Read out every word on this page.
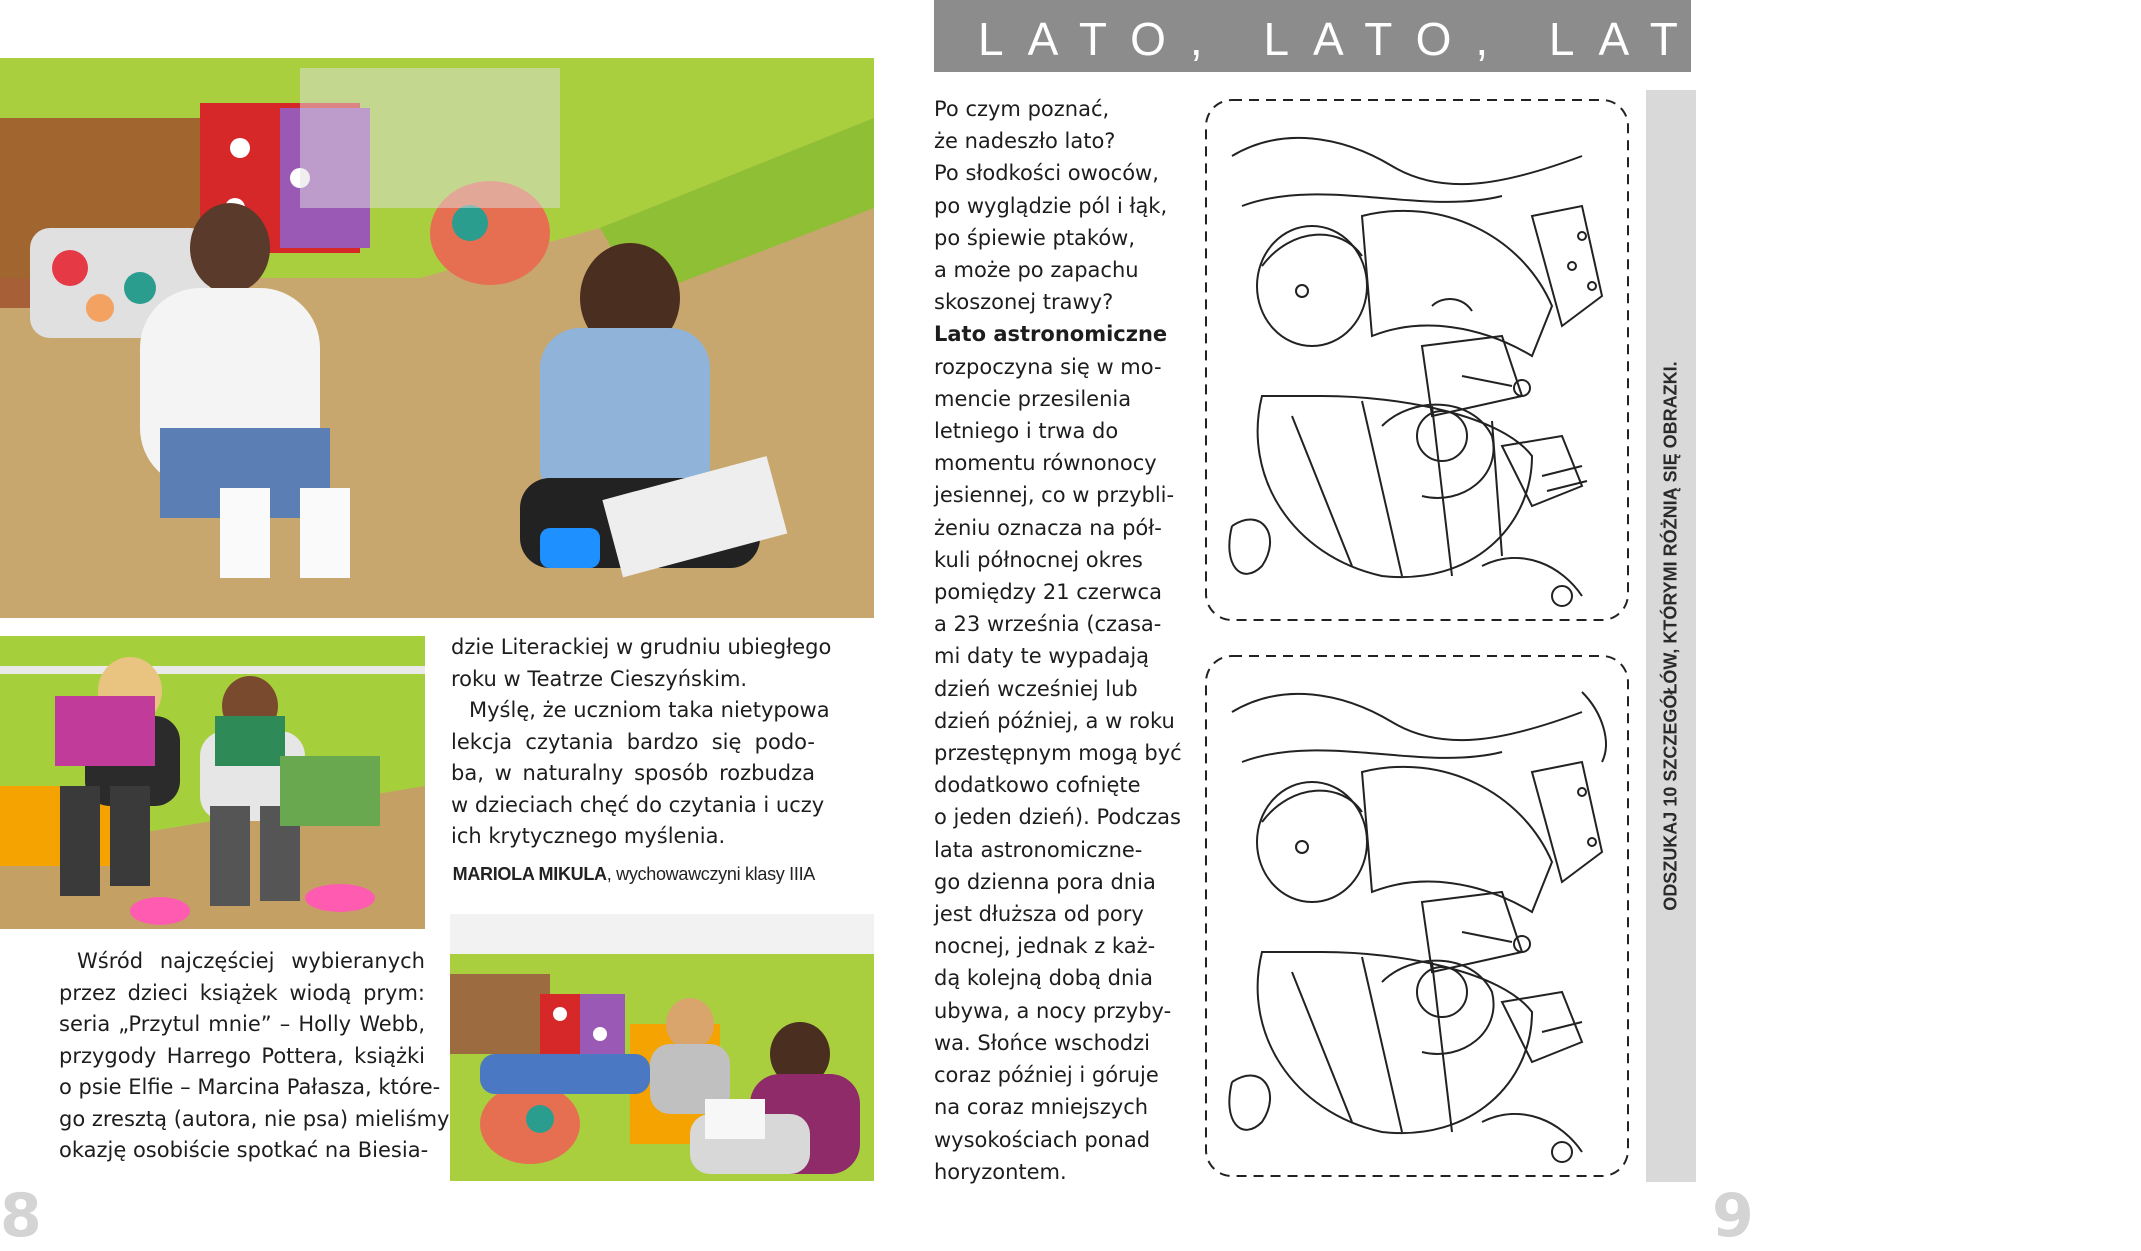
dzie Literackiej w grudniu ubiegłego

roku w Teatrze Cieszyńskim.

Myślę, że uczniom taka nietypowa

lekcja czytania bardzo się podo-

ba, w naturalny sposób rozbudza

w dzieciach chęć do czytania i uczy

ich krytycznego myślenia.

MARIOLA MIKULA, wychowawczyni klasy IIIA

Wśród najczęściej wybieranych

przez dzieci książek wiodą prym:

seria „Przytul mnie” – Holly Webb,

przygody Harrego Pottera, książki

o psie Elfie – Marcina Pałasza, które-

go zresztą (autora, nie psa) mieliśmy

okazję osobiście spotkać na Biesia-

8
LATO, LATO, LATO CZEKA…

Po czym poznać,

że nadeszło lato?

Po słodkości owoców,

po wyglądzie pól i łąk,

po śpiewie ptaków,

a może po zapachu

skoszonej trawy?

Lato astronomiczne

rozpoczyna się w mo-

mencie przesilenia

letniego i trwa do

momentu równonocy

jesiennej, co w przybli-

żeniu oznacza na pół-

kuli północnej okres

pomiędzy 21 czerwca

a 23 września (czasa-

mi daty te wypadają

dzień wcześniej lub

dzień później, a w roku

przestępnym mogą być

dodatkowo cofnięte

o jeden dzień). Podczas

lata astronomiczne-

go dzienna pora dnia

jest dłuższa od pory

nocnej, jednak z każ-

dą kolejną dobą dnia

ubywa, a nocy przyby-

wa. Słońce wschodzi

coraz później i góruje

na coraz mniejszych

wysokościach ponad

horyzontem.

ODSZUKAJ 10 SZCZEGÓŁÓW, KTÓRYMI RÓŻNIĄ SIĘ OBRAZKI.
9
